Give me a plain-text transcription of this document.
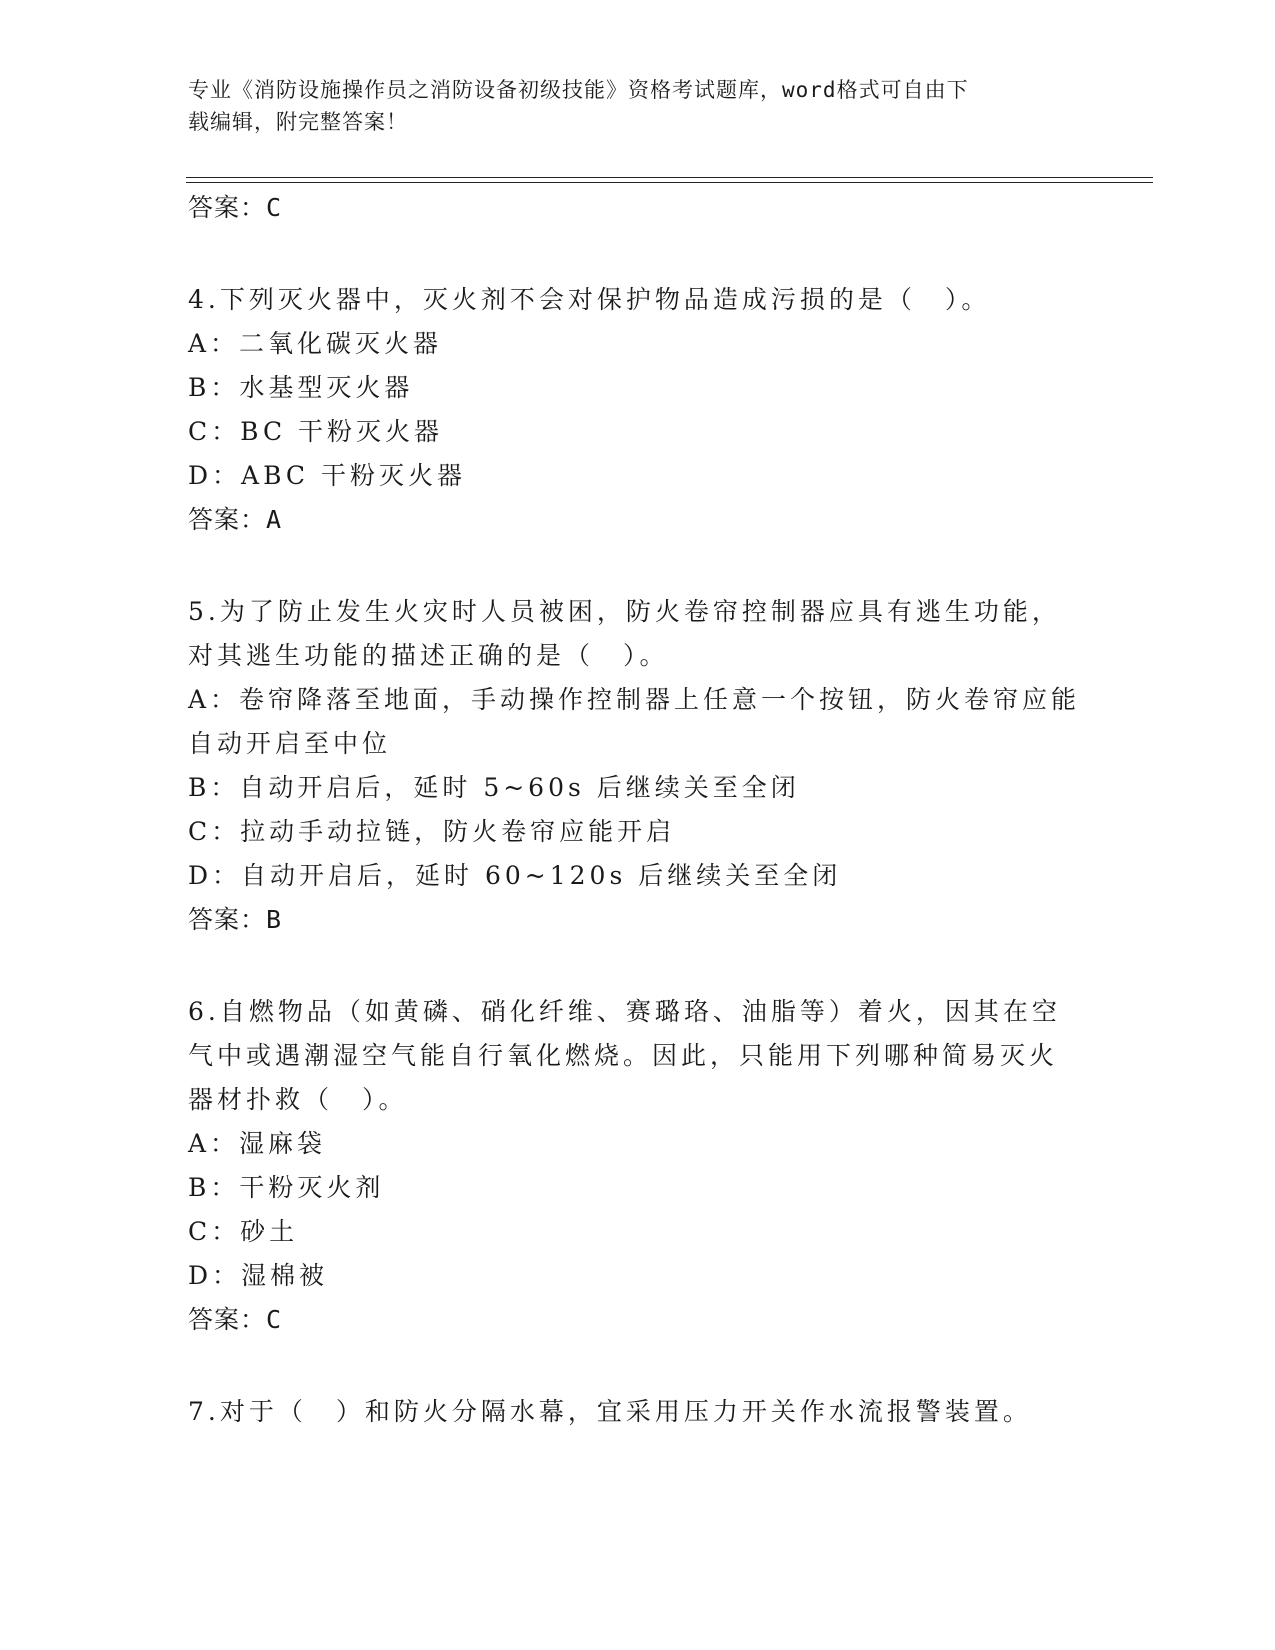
专业《消防设施操作员之消防设备初级技能》资格考试题库，word格式可自由下
载编辑，附完整答案！
答案：C
4.下列灭火器中，灭火剂不会对保护物品造成污损的是（　）。
A：二氧化碳灭火器
B：水基型灭火器
C：BC 干粉灭火器
D：ABC 干粉灭火器
答案：A
5.为了防止发生火灾时人员被困，防火卷帘控制器应具有逃生功能，
对其逃生功能的描述正确的是（　）。
A：卷帘降落至地面，手动操作控制器上任意一个按钮，防火卷帘应能
自动开启至中位
B：自动开启后，延时 5~60s 后继续关至全闭
C：拉动手动拉链，防火卷帘应能开启
D：自动开启后，延时 60~120s 后继续关至全闭
答案：B
6.自燃物品（如黄磷、硝化纤维、赛璐珞、油脂等）着火，因其在空
气中或遇潮湿空气能自行氧化燃烧。因此，只能用下列哪种简易灭火
器材扑救（　）。
A：湿麻袋
B：干粉灭火剂
C：砂土
D：湿棉被
答案：C
7.对于（　）和防火分隔水幕，宜采用压力开关作水流报警装置。
